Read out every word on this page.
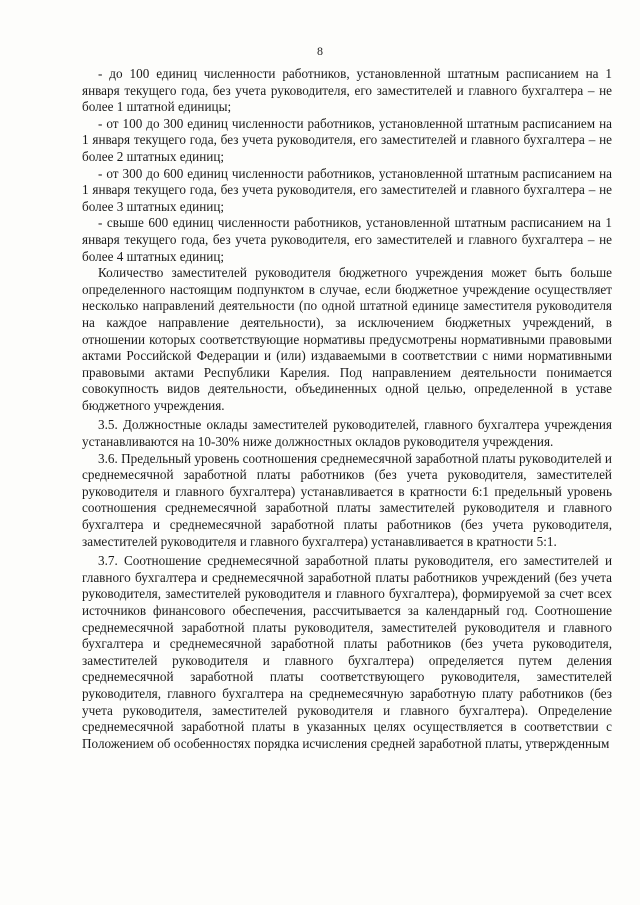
8

- до 100 единиц численности работников, установленной штатным расписанием на 1 января текущего года, без учета руководителя, его заместителей и главного бухгалтера – не более 1 штатной единицы;

- от 100 до 300 единиц численности работников, установленной штатным расписанием на 1 января текущего года, без учета руководителя, его заместителей и главного бухгалтера – не более 2 штатных единиц;

- от 300 до 600 единиц численности работников, установленной штатным расписанием на 1 января текущего года, без учета руководителя, его заместителей и главного бухгалтера – не более 3 штатных единиц;

- свыше 600 единиц численности работников, установленной штатным расписанием на 1 января текущего года, без учета руководителя, его заместителей и главного бухгалтера – не более 4 штатных единиц;

Количество заместителей руководителя бюджетного учреждения может быть больше определенного настоящим подпунктом в случае, если бюджетное учреждение осуществляет несколько направлений деятельности (по одной штатной единице заместителя руководителя на каждое направление деятельности), за исключением бюджетных учреждений, в отношении которых соответствующие нормативы предусмотрены нормативными правовыми актами Российской Федерации и (или) издаваемыми в соответствии с ними нормативными правовыми актами Республики Карелия. Под направлением деятельности понимается совокупность видов деятельности, объединенных одной целью, определенной в уставе бюджетного учреждения.

3.5. Должностные оклады заместителей руководителей, главного бухгалтера учреждения устанавливаются на 10-30% ниже должностных окладов руководителя учреждения.

3.6. Предельный уровень соотношения среднемесячной заработной платы руководителей и среднемесячной заработной платы работников (без учета руководителя, заместителей руководителя и главного бухгалтера) устанавливается в кратности 6:1 предельный уровень соотношения среднемесячной заработной платы заместителей руководителя и главного бухгалтера и среднемесячной заработной платы работников (без учета руководителя, заместителей руководителя и главного бухгалтера) устанавливается в кратности 5:1.

3.7. Соотношение среднемесячной заработной платы руководителя, его заместителей и главного бухгалтера и среднемесячной заработной платы работников учреждений (без учета руководителя, заместителей руководителя и главного бухгалтера), формируемой за счет всех источников финансового обеспечения, рассчитывается за календарный год. Соотношение среднемесячной заработной платы руководителя, заместителей руководителя и главного бухгалтера и среднемесячной заработной платы работников (без учета руководителя, заместителей руководителя и главного бухгалтера) определяется путем деления среднемесячной заработной платы соответствующего руководителя, заместителей руководителя, главного бухгалтера на среднемесячную заработную плату работников (без учета руководителя, заместителей руководителя и главного бухгалтера). Определение среднемесячной заработной платы в указанных целях осуществляется в соответствии с Положением об особенностях порядка исчисления средней заработной платы, утвержденным
